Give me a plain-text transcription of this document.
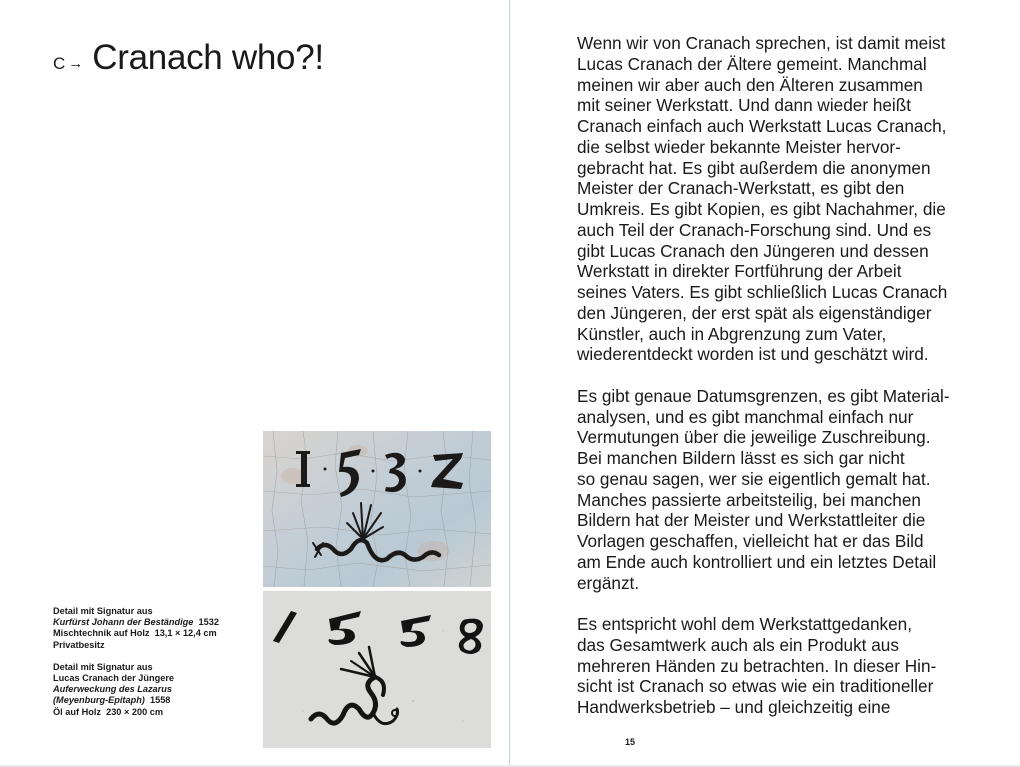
C → Cranach who?!
Detail mit Signatur aus
Kurfürst Johann der Beständige  1532
Mischtechnik auf Holz  13,1 × 12,4 cm
Privatbesitz
Detail mit Signatur aus
Lucas Cranach der Jüngere
Auferweckung des Lazarus
(Meyenburg-Epitaph)  1558
Öl auf Holz  230 × 200 cm

Wenn wir von Cranach sprechen, ist damit meist
Lucas Cranach der Ältere gemeint. Manchmal
meinen wir aber auch den Älteren zusammen
mit seiner Werkstatt. Und dann wieder heißt
Cranach einfach auch Werkstatt Lucas Cranach,
die selbst wieder bekannte Meister hervor-
gebracht hat. Es gibt außerdem die anonymen
Meister der Cranach-Werkstatt, es gibt den
Umkreis. Es gibt Kopien, es gibt Nachahmer, die
auch Teil der Cranach-Forschung sind. Und es
gibt Lucas Cranach den Jüngeren und dessen
Werkstatt in direkter Fortführung der Arbeit
seines Vaters. Es gibt schließlich Lucas Cranach
den Jüngeren, der erst spät als eigenständiger
Künstler, auch in Abgrenzung zum Vater,
wiederentdeckt worden ist und geschätzt wird.

Es gibt genaue Datumsgrenzen, es gibt Material-
analysen, und es gibt manchmal einfach nur
Vermutungen über die jeweilige Zuschreibung.
Bei manchen Bildern lässt es sich gar nicht
so genau sagen, wer sie eigentlich gemalt hat.
Manches passierte arbeitsteilig, bei manchen
Bildern hat der Meister und Werkstattleiter die
Vorlagen geschaffen, vielleicht hat er das Bild
am Ende auch kontrolliert und ein letztes Detail
ergänzt.

Es entspricht wohl dem Werkstattgedanken,
das Gesamtwerk auch als ein Produkt aus
mehreren Händen zu betrachten. In dieser Hin-
sicht ist Cranach so etwas wie ein traditioneller
Handwerksbetrieb – und gleichzeitig eine

15
